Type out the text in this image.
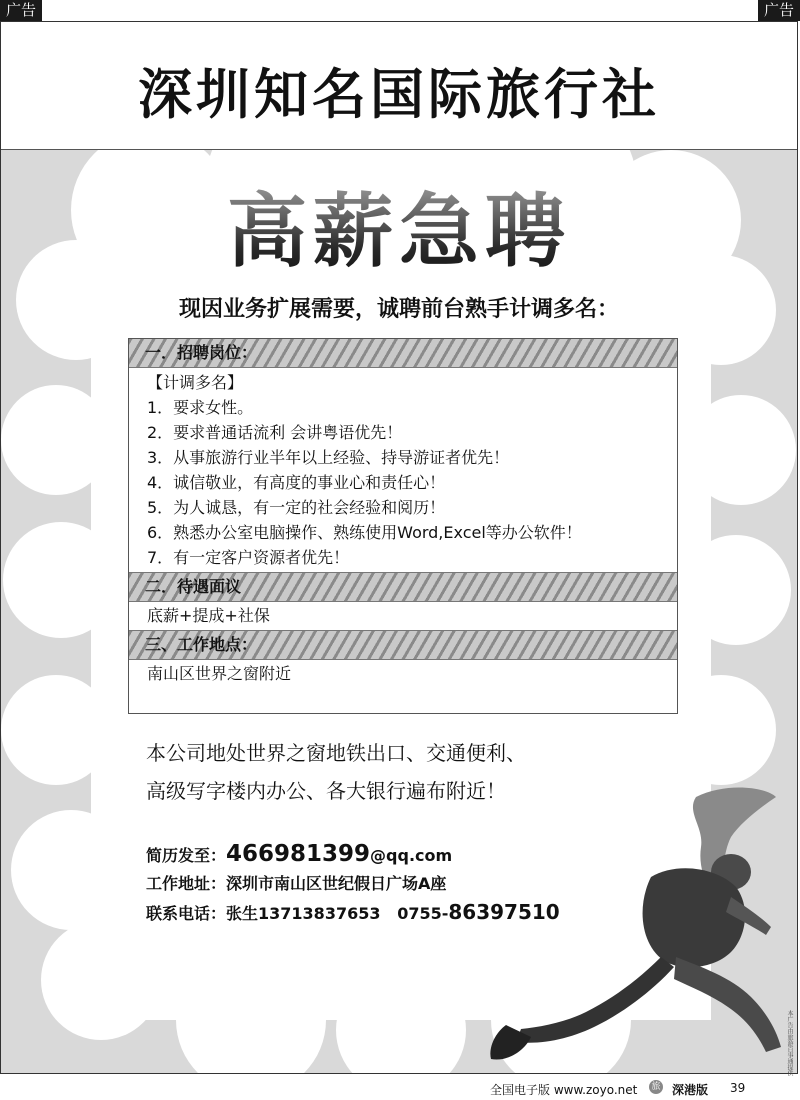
广告	广告
深圳知名国际旅行社
高薪急聘
现因业务扩展需要，诚聘前台熟手计调多名：
一．招聘岗位：
【计调多名】
1．要求女性。
2．要求普通话流利 会讲粤语优先！
3．从事旅游行业半年以上经验、持导游证者优先！
4．诚信敬业，有高度的事业心和责任心！
5．为人诚恳，有一定的社会经验和阅历！
6．熟悉办公室电脑操作、熟练使用Word,Excel等办公软件！
7．有一定客户资源者优先！
二．待遇面议
底薪+提成+社保
三、工作地点：
南山区世界之窗附近
本公司地处世界之窗地铁出口、交通便利、
高级写字楼内办公、各大银行遍布附近！
简历发至：466981399@qq.com
工作地址：深圳市南山区世纪假日广场A座
联系电话：张生13713837653 0755-86397510
本广告由旅游百事通提供
全国电子版 www.zoyo.net 旅 深港版 39
